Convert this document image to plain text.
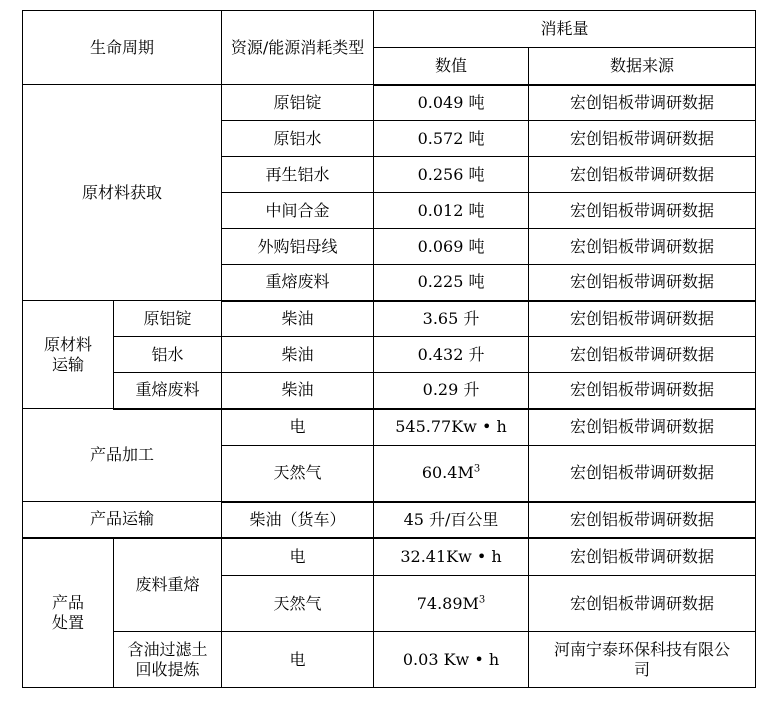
生命周期		资源/能源消耗类型	消耗量	
			数值	数据来源
原材料获取		原铝锭	0.049 吨	宏创铝板带调研数据
		原铝水	0.572 吨	宏创铝板带调研数据
		再生铝水	0.256 吨	宏创铝板带调研数据
		中间合金	0.012 吨	宏创铝板带调研数据
		外购铝母线	0.069 吨	宏创铝板带调研数据
		重熔废料	0.225 吨	宏创铝板带调研数据
原材料运输	原铝锭	柴油	3.65 升	宏创铝板带调研数据
	铝水	柴油	0.432 升	宏创铝板带调研数据
	重熔废料	柴油	0.29 升	宏创铝板带调研数据
产品加工		电	545.77Kw • h	宏创铝板带调研数据
		天然气	$60.4M^3$	宏创铝板带调研数据
产品运输		柴油（货车）	45 升/百公里	宏创铝板带调研数据
产品处置	废料重熔	电	32.41Kw • h	宏创铝板带调研数据
		天然气	$74.89M^3$	宏创铝板带调研数据
	含油过滤土回收提炼	电	0.03 Kw • h	河南宁泰环保科技有限公司
